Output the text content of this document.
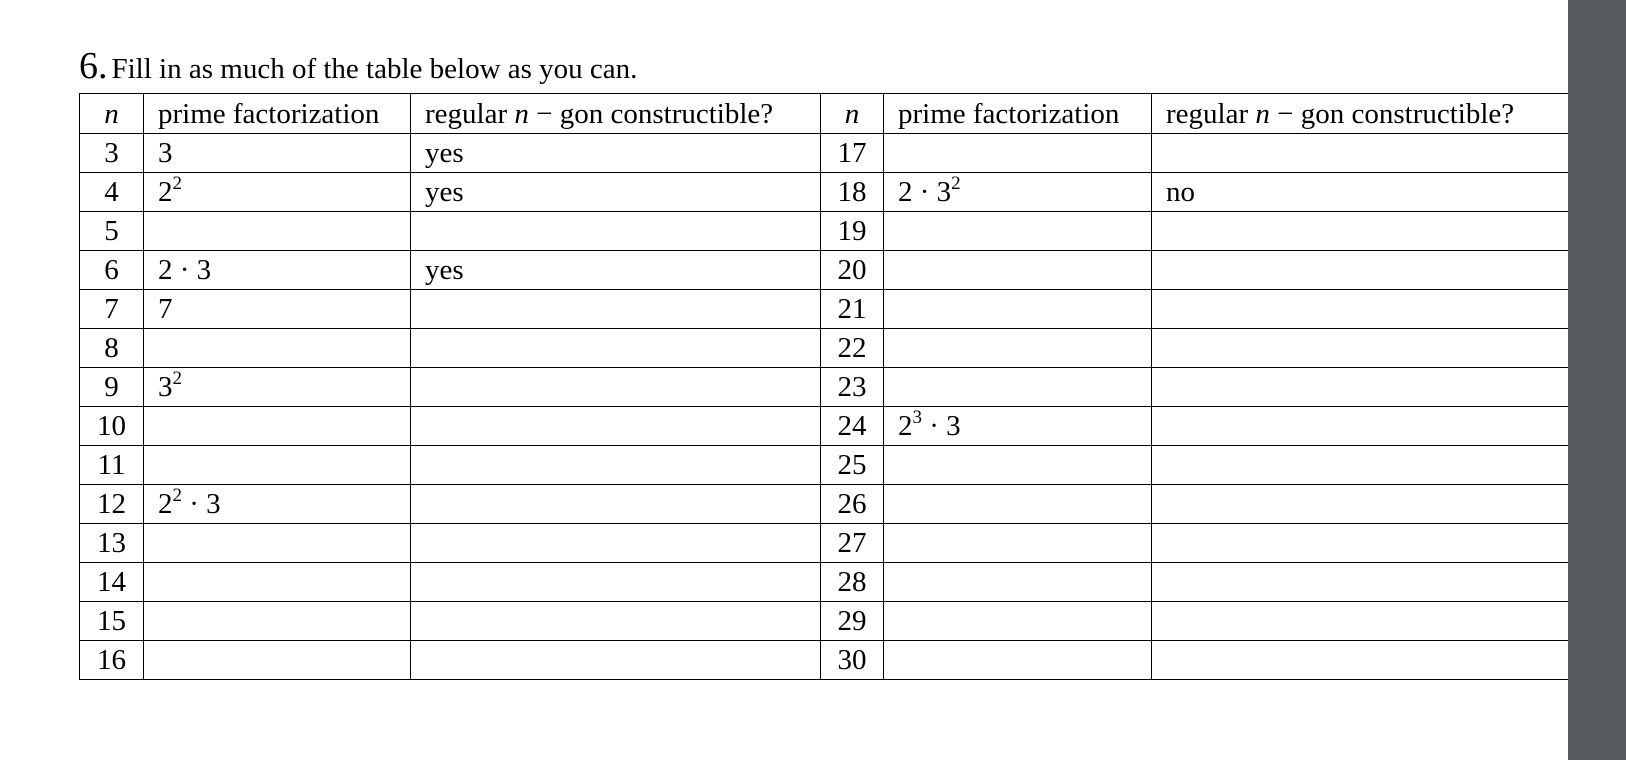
6. Fill in as much of the table below as you can.
n	prime factorization	regular n − gon constructible?	n	prime factorization	regular n − gon constructible?
3	3	yes	17		
4	$2^2$	yes	18	$2 \cdot 3^2$	no
5			19		
6	2 · 3	yes	20		
7	7		21		
8			22		
9	$3^2$		23		
10			24	$2^3 \cdot 3$	
11			25		
12	$2^2 \cdot 3$		26		
13			27		
14			28		
15			29		
16			30		
